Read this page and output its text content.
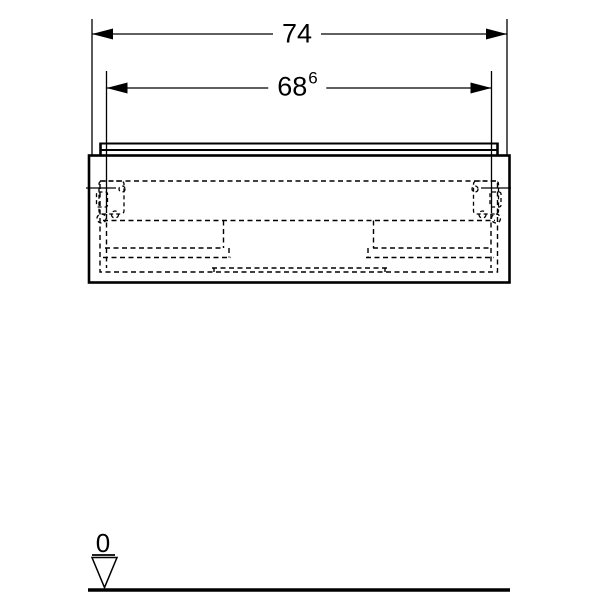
74
$68^6$
0
